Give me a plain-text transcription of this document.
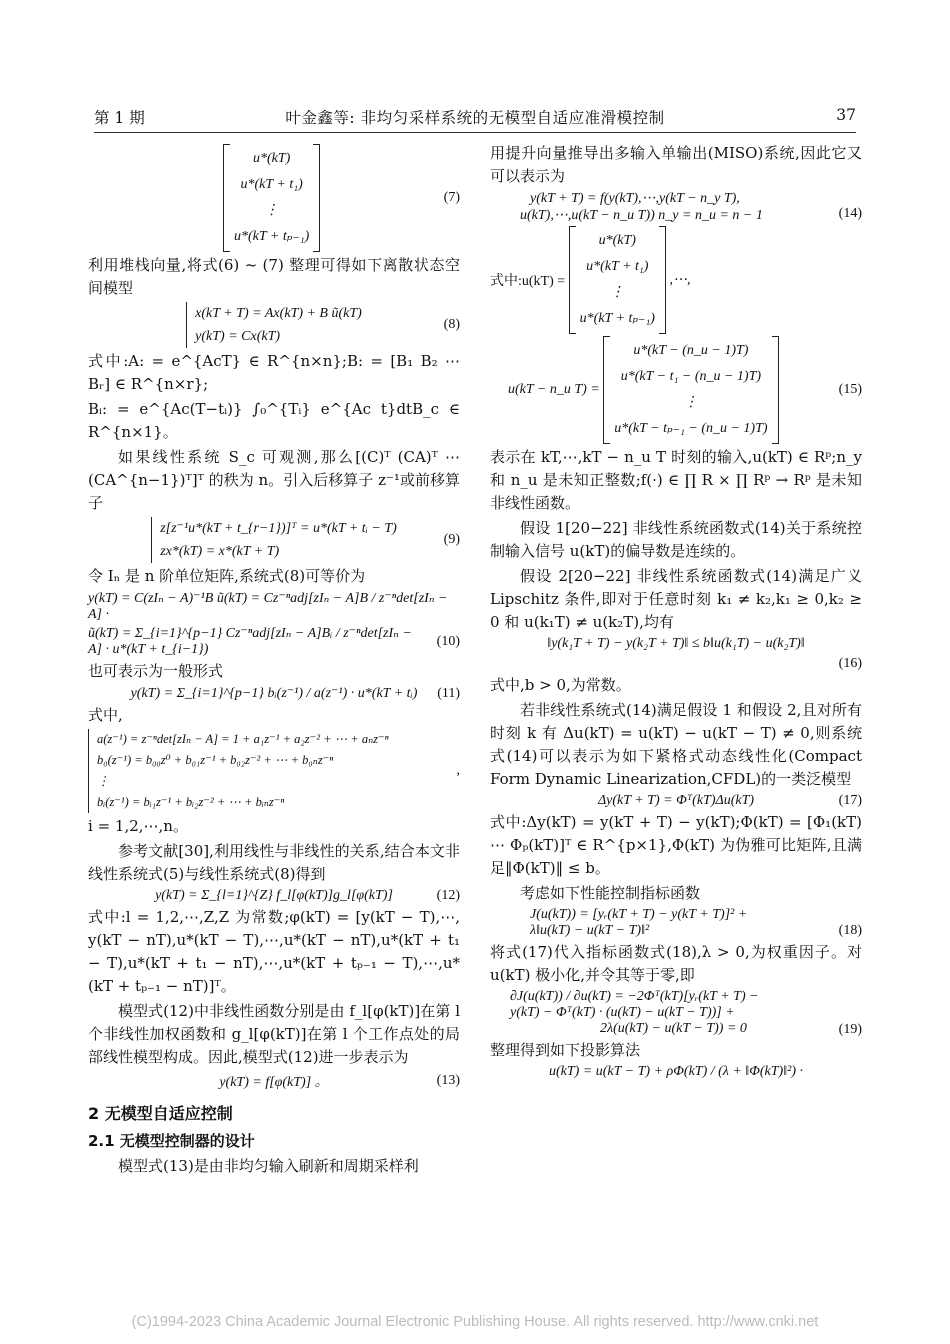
第 1 期	叶金鑫等: 非均匀采样系统的无模型自适应准滑模控制	37
u*(kT)
u*(kT + t₁)
⋮
u*(kT + tₚ₋₁)
(7)

利用堆栈向量,将式(6) ~ (7) 整理可得如下离散状态空间模型

x(kT + T) = Ax(kT) + B ũ(kT)
y(kT) = Cx(kT)
(8)

式中:A: = e^{AcT} ∈ R^{n×n};B: = [B₁ B₂ ⋯ Bᵣ] ∈ R^{n×r};

Bᵢ: = e^{Ac(T−tᵢ)} ∫₀^{Tᵢ} e^{Ac t}dtB_c ∈ R^{n×1}。

如果线性系统 S_c 可观测,那么[(C)ᵀ (CA)ᵀ ⋯ (CA^{n−1})ᵀ]ᵀ 的秩为 n。引入后移算子 z⁻¹或前移算子

z[z⁻¹u*(kT + t_{r−1})]ᵀ = u*(kT + tᵢ − T)
zx*(kT) = x*(kT + T)
(9)

令 Iₙ 是 n 阶单位矩阵,系统式(8)可等价为

y(kT) = C(zIₙ − A)⁻¹B ũ(kT) = Cz⁻ⁿadj[zIₙ − A]B / z⁻ⁿdet[zIₙ − A] ·
ũ(kT) = Σ_{i=1}^{p−1} Cz⁻ⁿadj[zIₙ − A]Bᵢ / z⁻ⁿdet[zIₙ − A] · u*(kT + t_{i−1})
(10)

也可表示为一般形式

y(kT) = Σ_{i=1}^{p−1} bᵢ(z⁻¹) / a(z⁻¹) · u*(kT + tᵢ) (11)

式中,

a(z⁻¹) = z⁻ⁿdet[zIₙ − A] = 1 + a₁z⁻¹ + a₂z⁻² + ⋯ + aₙz⁻ⁿ
b₀(z⁻¹) = b₀₀z⁰ + b₀₁z⁻¹ + b₀₂z⁻² + ⋯ + b₀ₙz⁻ⁿ
⋮
bᵢ(z⁻¹) = bᵢ₁z⁻¹ + bᵢ₂z⁻² + ⋯ + bᵢₙz⁻ⁿ
,

i = 1,2,⋯,n。

参考文献[30],利用线性与非线性的关系,结合本文非线性系统式(5)与线性系统式(8)得到

y(kT) = Σ_{l=1}^{Z} f_l[φ(kT)]g_l[φ(kT)]	(12)

式中:l = 1,2,⋯,Z,Z 为常数;φ(kT) = [y(kT − T),⋯, y(kT − nT),u*(kT − T),⋯,u*(kT − nT),u*(kT + t₁ − T),u*(kT + t₁ − nT),⋯,u*(kT + tₚ₋₁ − T),⋯,u*(kT + tₚ₋₁ − nT)]ᵀ。

模型式(12)中非线性函数分别是由 f_l[φ(kT)]在第 l 个非线性加权函数和 g_l[φ(kT)]在第 l 个工作点处的局部线性模型构成。因此,模型式(12)进一步表示为

y(kT) = f[φ(kT)] 。	(13)
2 无模型自适应控制
2.1 无模型控制器的设计

模型式(13)是由非均匀输入刷新和周期采样利

用提升向量推导出多输入单输出(MISO)系统,因此它又可以表示为

y(kT + T) = f(y(kT),⋯,y(kT − n_y T),
u(kT),⋯,u(kT − n_u T)) n_y = n_u = n − 1	(14)
式中:u(kT) =
u*(kT)
u*(kT + t₁)
⋮
u*(kT + tₚ₋₁)
,⋯,
u(kT − n_u T) =
u*(kT − (n_u − 1)T)
u*(kT − t₁ − (n_u − 1)T)
⋮
u*(kT − tₚ₋₁ − (n_u − 1)T)
(15)

表示在 kT,⋯,kT − n_u T 时刻的输入,u(kT) ∈ Rᵖ;n_y 和 n_u 是未知正整数;f(·) ∈ ∏ R × ∏ Rᵖ → Rᵖ 是未知非线性函数。

假设 1[20−22] 非线性系统函数式(14)关于系统控制输入信号 u(kT)的偏导数是连续的。

假设 2[20−22] 非线性系统函数式(14)满足广义 Lipschitz 条件,即对于任意时刻 k₁ ≠ k₂,k₁ ≥ 0,k₂ ≥ 0 和 u(k₁T) ≠ u(k₂T),均有

‖y(k₁T + T) − y(k₂T + T)‖ ≤ b‖u(k₁T) − u(k₂T)‖
(16)

式中,b > 0,为常数。

若非线性系统式(14)满足假设 1 和假设 2,且对所有时刻 k 有 Δu(kT) = u(kT) − u(kT − T) ≠ 0,则系统式(14)可以表示为如下紧格式动态线性化(Compact Form Dynamic Linearization,CFDL)的一类泛模型

Δy(kT + T) = Φᵀ(kT)Δu(kT)	(17)

式中:Δy(kT) = y(kT + T) − y(kT);Φ(kT) = [Φ₁(kT) ⋯ Φₚ(kT)]ᵀ ∈ R^{p×1},Φ(kT) 为伪雅可比矩阵,且满足‖Φ(kT)‖ ≤ b。

考虑如下性能控制指标函数

J(u(kT)) = [yᵣ(kT + T) − y(kT + T)]² +
λ‖u(kT) − u(kT − T)‖²	(18)

将式(17)代入指标函数式(18),λ > 0,为权重因子。对 u(kT) 极小化,并令其等于零,即

∂J(u(kT)) / ∂u(kT) = −2Φᵀ(kT)[yᵣ(kT + T) −
y(kT) − Φᵀ(kT) · (u(kT) − u(kT − T))] +
2λ(u(kT) − u(kT − T)) = 0	(19)

整理得到如下投影算法

u(kT) = u(kT − T) + ρΦ(kT) / (λ + ‖Φ(kT)‖²) ·
(C)1994-2023 China Academic Journal Electronic Publishing House. All rights reserved. http://www.cnki.net
